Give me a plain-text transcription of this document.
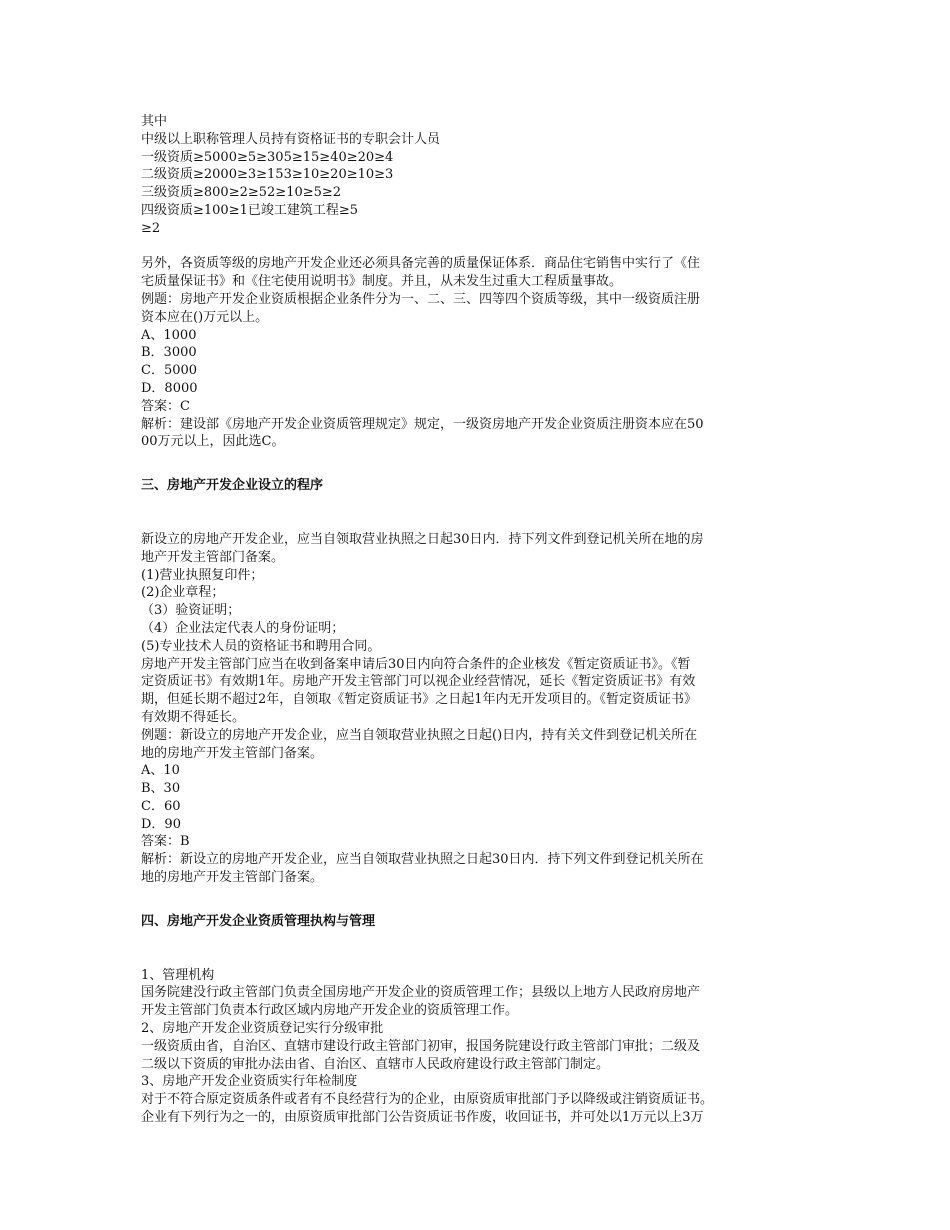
其中
中级以上职称管理人员持有资格证书的专职会计人员
一级资质≥5000≥5≥305≥15≥40≥20≥4
二级资质≥2000≥3≥153≥10≥20≥10≥3
三级资质≥800≥2≥52≥10≥5≥2
四级资质≥100≥1已竣工建筑工程≥5
≥2
另外，各资质等级的房地产开发企业还必须具备完善的质量保证体系．商品住宅销售中实行了《住
宅质量保证书》和《住宅使用说明书》制度。并且，从未发生过重大工程质量事故。
例题：房地产开发企业资质根据企业条件分为一、二、三、四等四个资质等级，其中一级资质注册
资本应在()万元以上。
A、1000
B．3000
C．5000
D．8000
答案：C
解析：建设部《房地产开发企业资质管理规定》规定，一级资房地产开发企业资质注册资本应在50
00万元以上，因此选C。
三、房地产开发企业设立的程序
新设立的房地产开发企业，应当自领取营业执照之日起30日内．持下列文件到登记机关所在地的房
地产开发主管部门备案。
(1)营业执照复印件；
(2)企业章程；
（3）验资证明；
（4）企业法定代表人的身份证明；
(5)专业技术人员的资格证书和聘用合同。
房地产开发主管部门应当在收到备案申请后30日内向符合条件的企业核发《暂定资质证书》。《暂
定资质证书》有效期1年。房地产开发主管部门可以视企业经营情况，延长《暂定资质证书》有效
期，但延长期不超过2年，自领取《暂定资质证书》之日起1年内无开发项目的。《暂定资质证书》
有效期不得延长。
例题：新设立的房地产开发企业，应当自领取营业执照之日起()日内，持有关文件到登记机关所在
地的房地产开发主管部门备案。
A、10
B、30
C．60
D．90
答案：B
解析：新设立的房地产开发企业，应当自领取营业执照之日起30日内．持下列文件到登记机关所在
地的房地产开发主管部门备案。
四、房地产开发企业资质管理执构与管理
1、管理机构
国务院建没行政主管部门负责全国房地产开发企业的资质管理工作；县级以上地方人民政府房地产
开发主管部门负责本行政区域内房地产开发企业的资质管理工作。
2、房地产开发企业资质登记实行分级审批
一级资质由省，自治区、直辖市建设行政主管部门初审，报国务院建设行政主管部门审批；二级及
二级以下资质的审批办法由省、自治区、直辖市人民政府建设行政主管部门制定。
3、房地产开发企业资质实行年检制度
对于不符合原定资质条件或者有不良经营行为的企业，由原资质审批部门予以降级或注销资质证书。
企业有下列行为之一的，由原资质审批部门公告资质证书作废，收回证书，并可处以1万元以上3万
